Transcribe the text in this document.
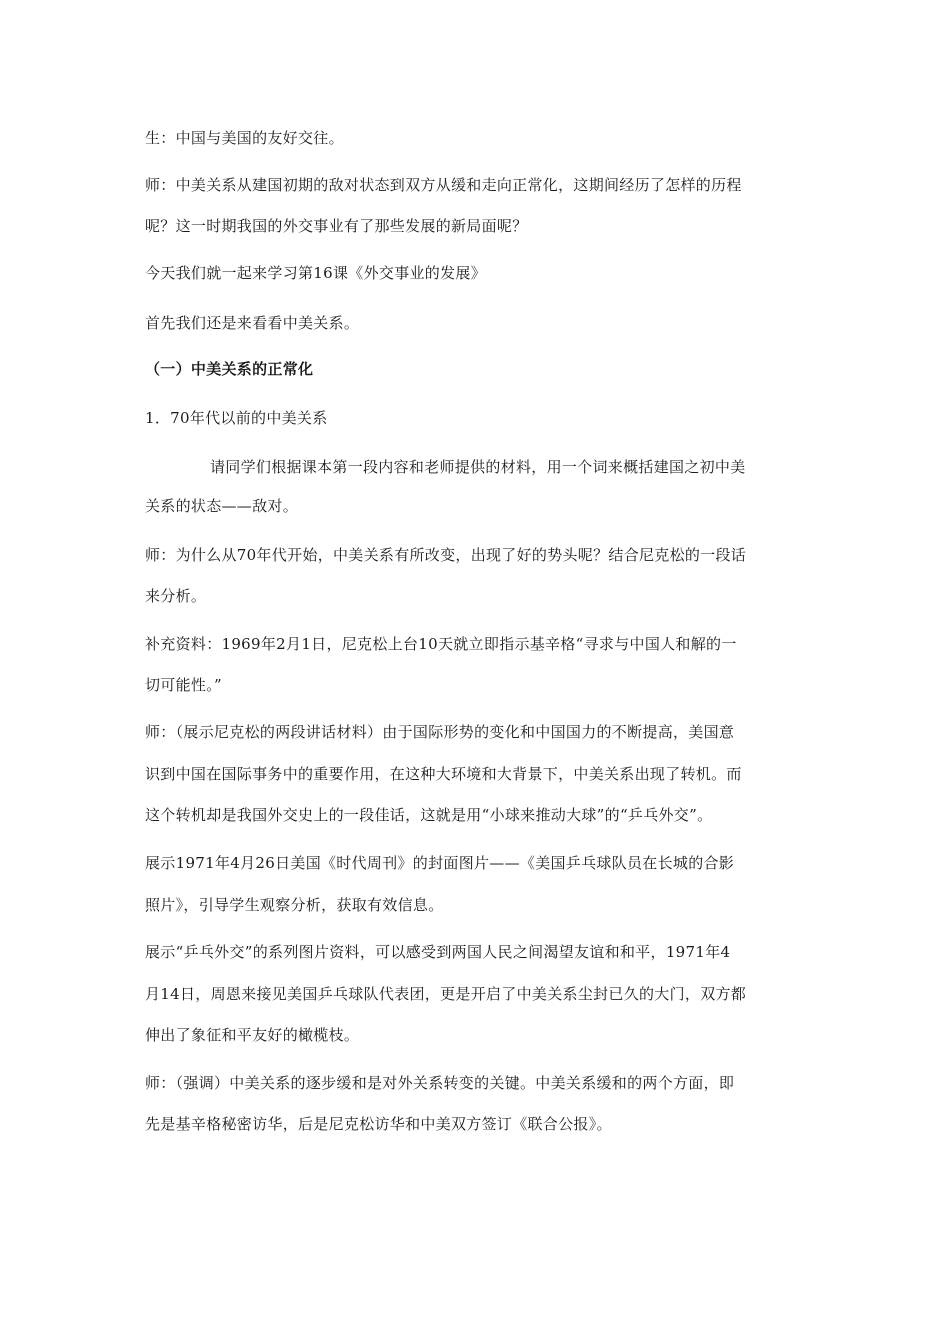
生：中国与美国的友好交往。
师：中美关系从建国初期的敌对状态到双方从缓和走向正常化，这期间经历了怎样的历程
呢？这一时期我国的外交事业有了那些发展的新局面呢？
今天我们就一起来学习第16课《外交事业的发展》
首先我们还是来看看中美关系。
（一）中美关系的正常化
1．70年代以前的中美关系
请同学们根据课本第一段内容和老师提供的材料，用一个词来概括建国之初中美
关系的状态——敌对。
师：为什么从70年代开始，中美关系有所改变，出现了好的势头呢？结合尼克松的一段话
来分析。
补充资料：1969年2月1日，尼克松上台10天就立即指示基辛格“寻求与中国人和解的一
切可能性。”
师：（展示尼克松的两段讲话材料）由于国际形势的变化和中国国力的不断提高，美国意
识到中国在国际事务中的重要作用，在这种大环境和大背景下，中美关系出现了转机。而
这个转机却是我国外交史上的一段佳话，这就是用“小球来推动大球”的“乒乓外交”。
展示1971年4月26日美国《时代周刊》的封面图片——《美国乒乓球队员在长城的合影
照片》，引导学生观察分析，获取有效信息。
展示“乒乓外交”的系列图片资料，可以感受到两国人民之间渴望友谊和和平，1971年4
月14日，周恩来接见美国乒乓球队代表团，更是开启了中美关系尘封已久的大门，双方都
伸出了象征和平友好的橄榄枝。
师：（强调）中美关系的逐步缓和是对外关系转变的关键。中美关系缓和的两个方面，即
先是基辛格秘密访华，后是尼克松访华和中美双方签订《联合公报》。
